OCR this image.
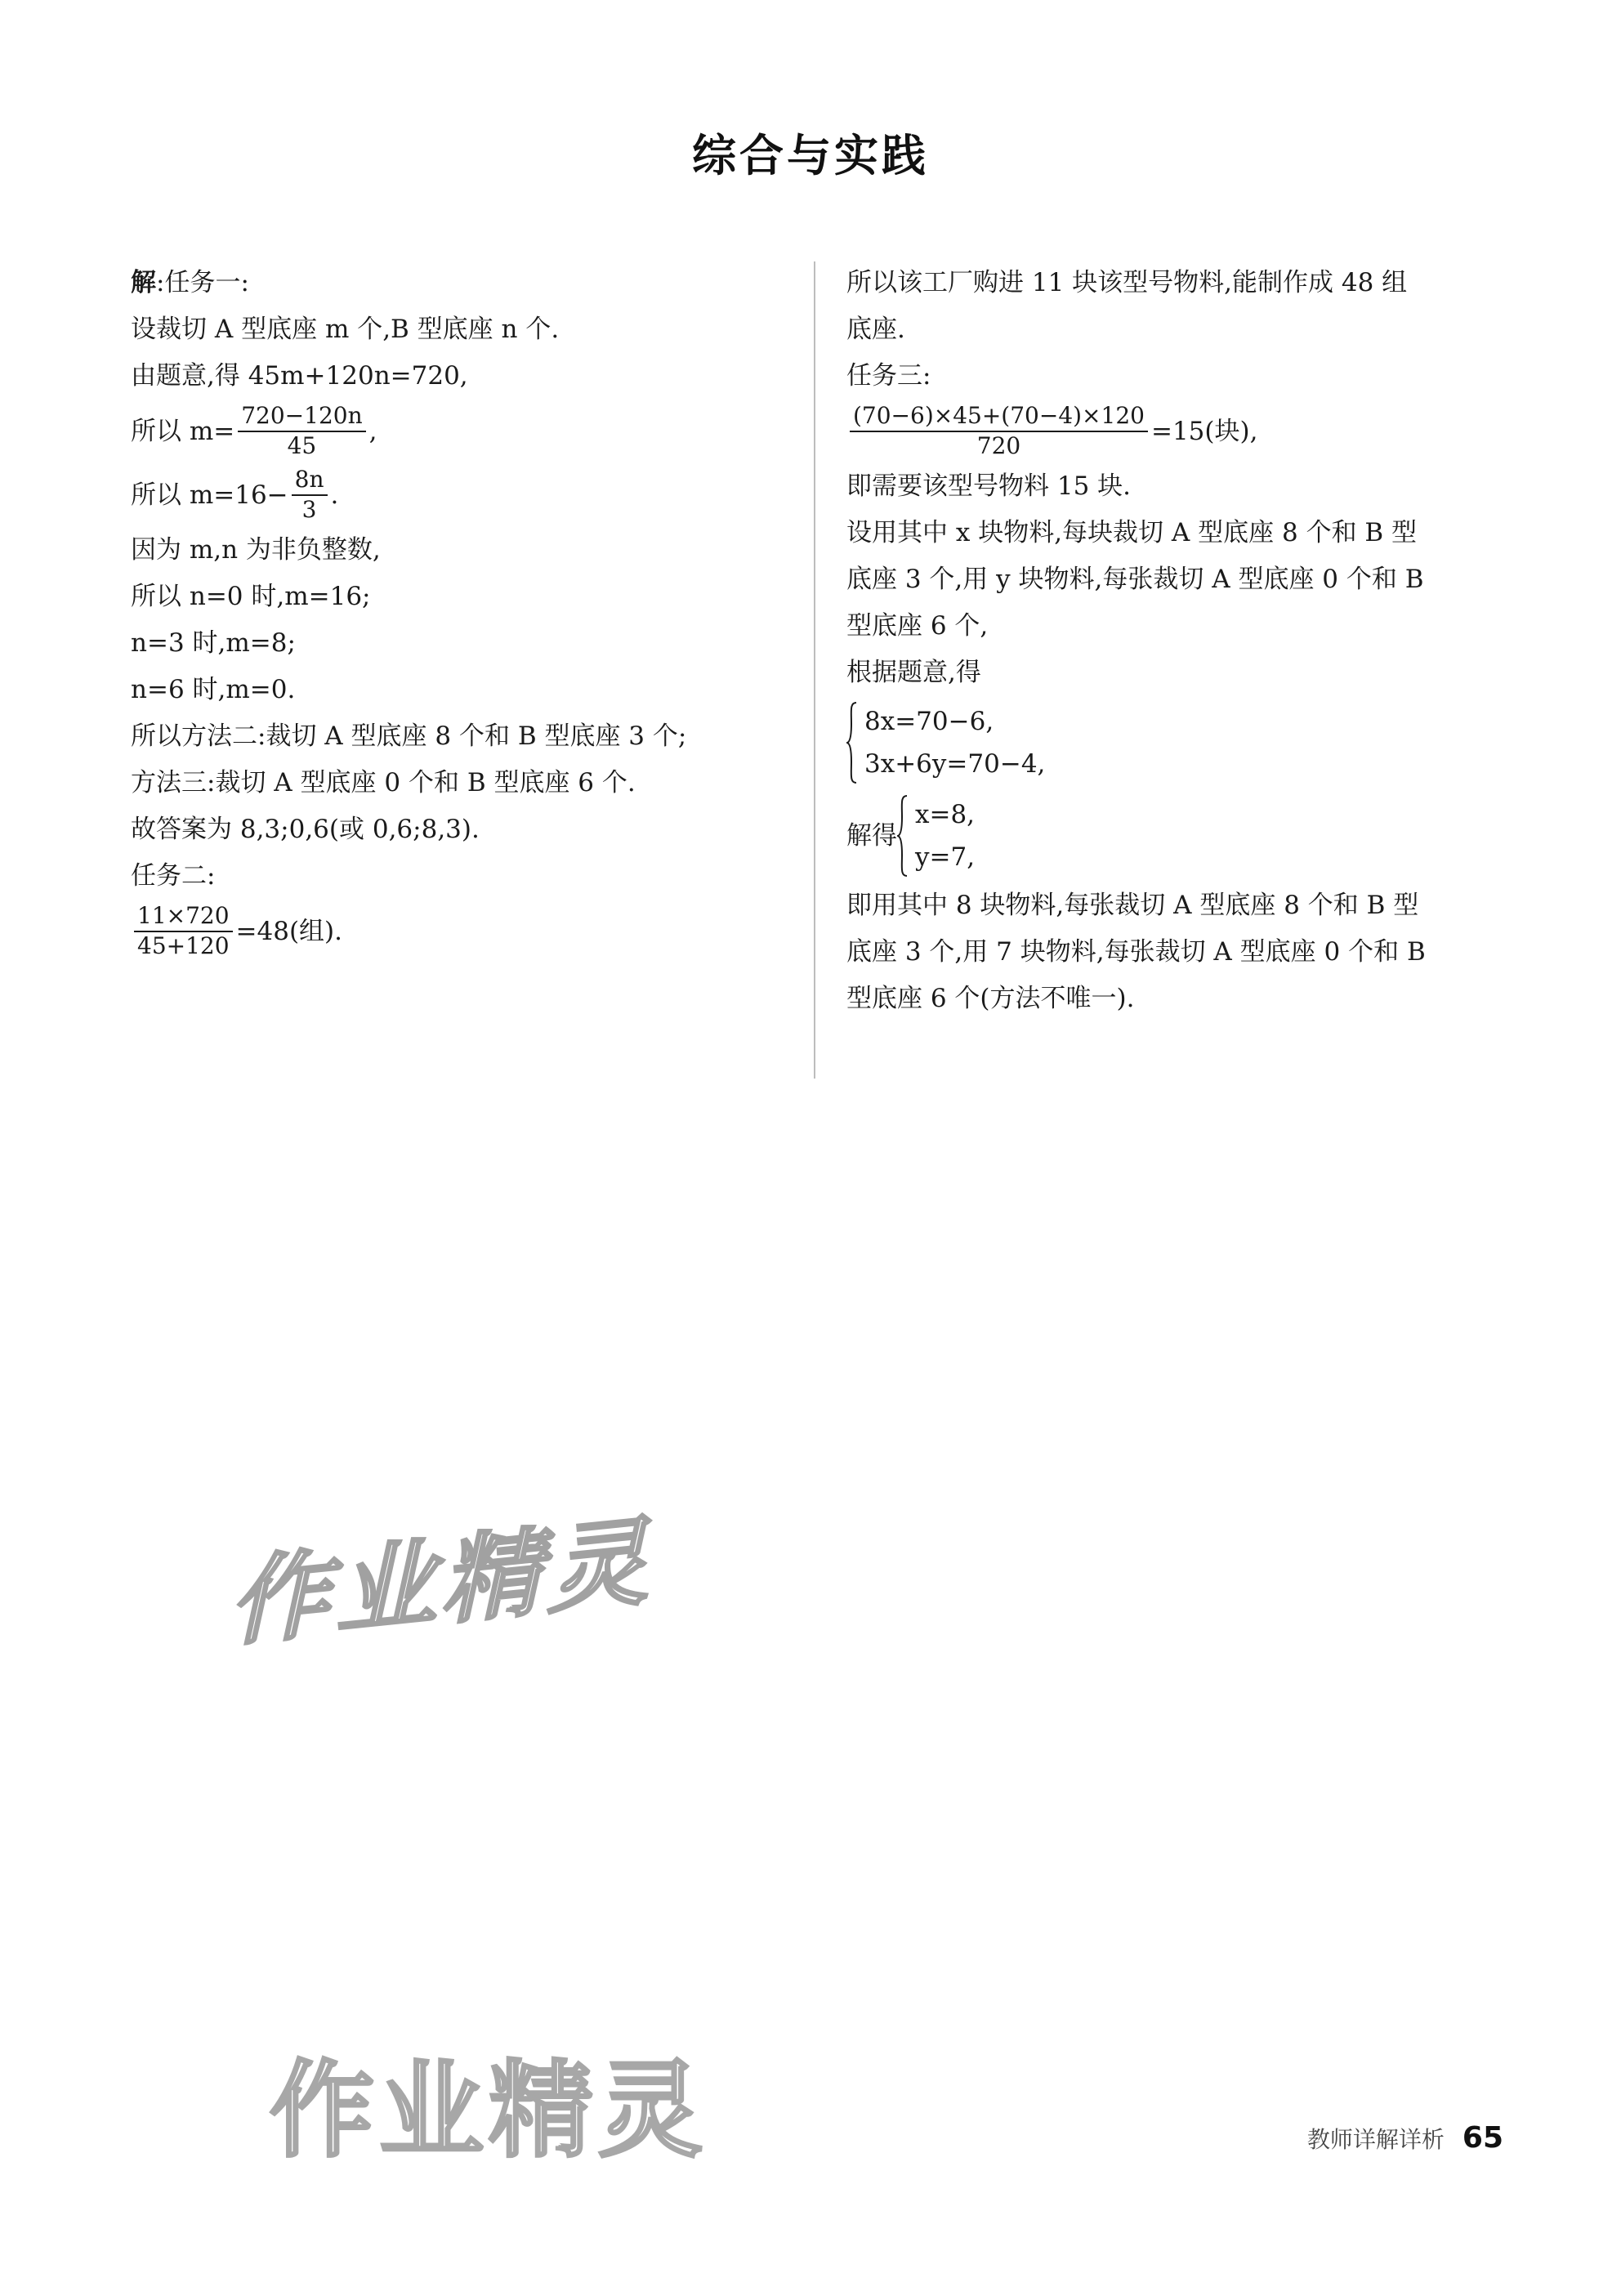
综合与实践
解 :任务一:
设裁切 A 型底座 m 个,B 型底座 n 个.
由题意,得 45m+120n=720,
所以 $m= \frac{720-120n}{45}$ ,
所以 $m=16- \frac{8n}{3}$ .
因为 m,n 为非负整数,
所以 n=0 时,m=16;
n=3 时,m=8;
n=6 时,m=0.
所以方法二:裁切 A 型底座 8 个和 B 型底座 3 个;
方法三:裁切 A 型底座 0 个和 B 型底座 6 个.
故答案为 8,3;0,6(或 0,6;8,3).
任务二:
$\frac{11\times 720}{45+120} =48$(组).
所以该工厂购进 11 块该型号物料,能制作成 48 组
底座.
任务三:
$\frac{(70-6)\times 45+(70-4)\times 120}{720} =15$(块),
即需要该型号物料 15 块.
设用其中 x 块物料,每块裁切 A 型底座 8 个和 B 型
底座 3 个,用 y 块物料,每张裁切 A 型底座 0 个和 B
型底座 6 个,
根据题意,得
8x=70−6,
3x+6y=70−4,
解得
x=8,
y=7,
即用其中 8 块物料,每张裁切 A 型底座 8 个和 B 型
底座 3 个,用 7 块物料,每张裁切 A 型底座 0 个和 B
型底座 6 个(方法不唯一).
作业精灵
作业精灵	教师详解详析 65
